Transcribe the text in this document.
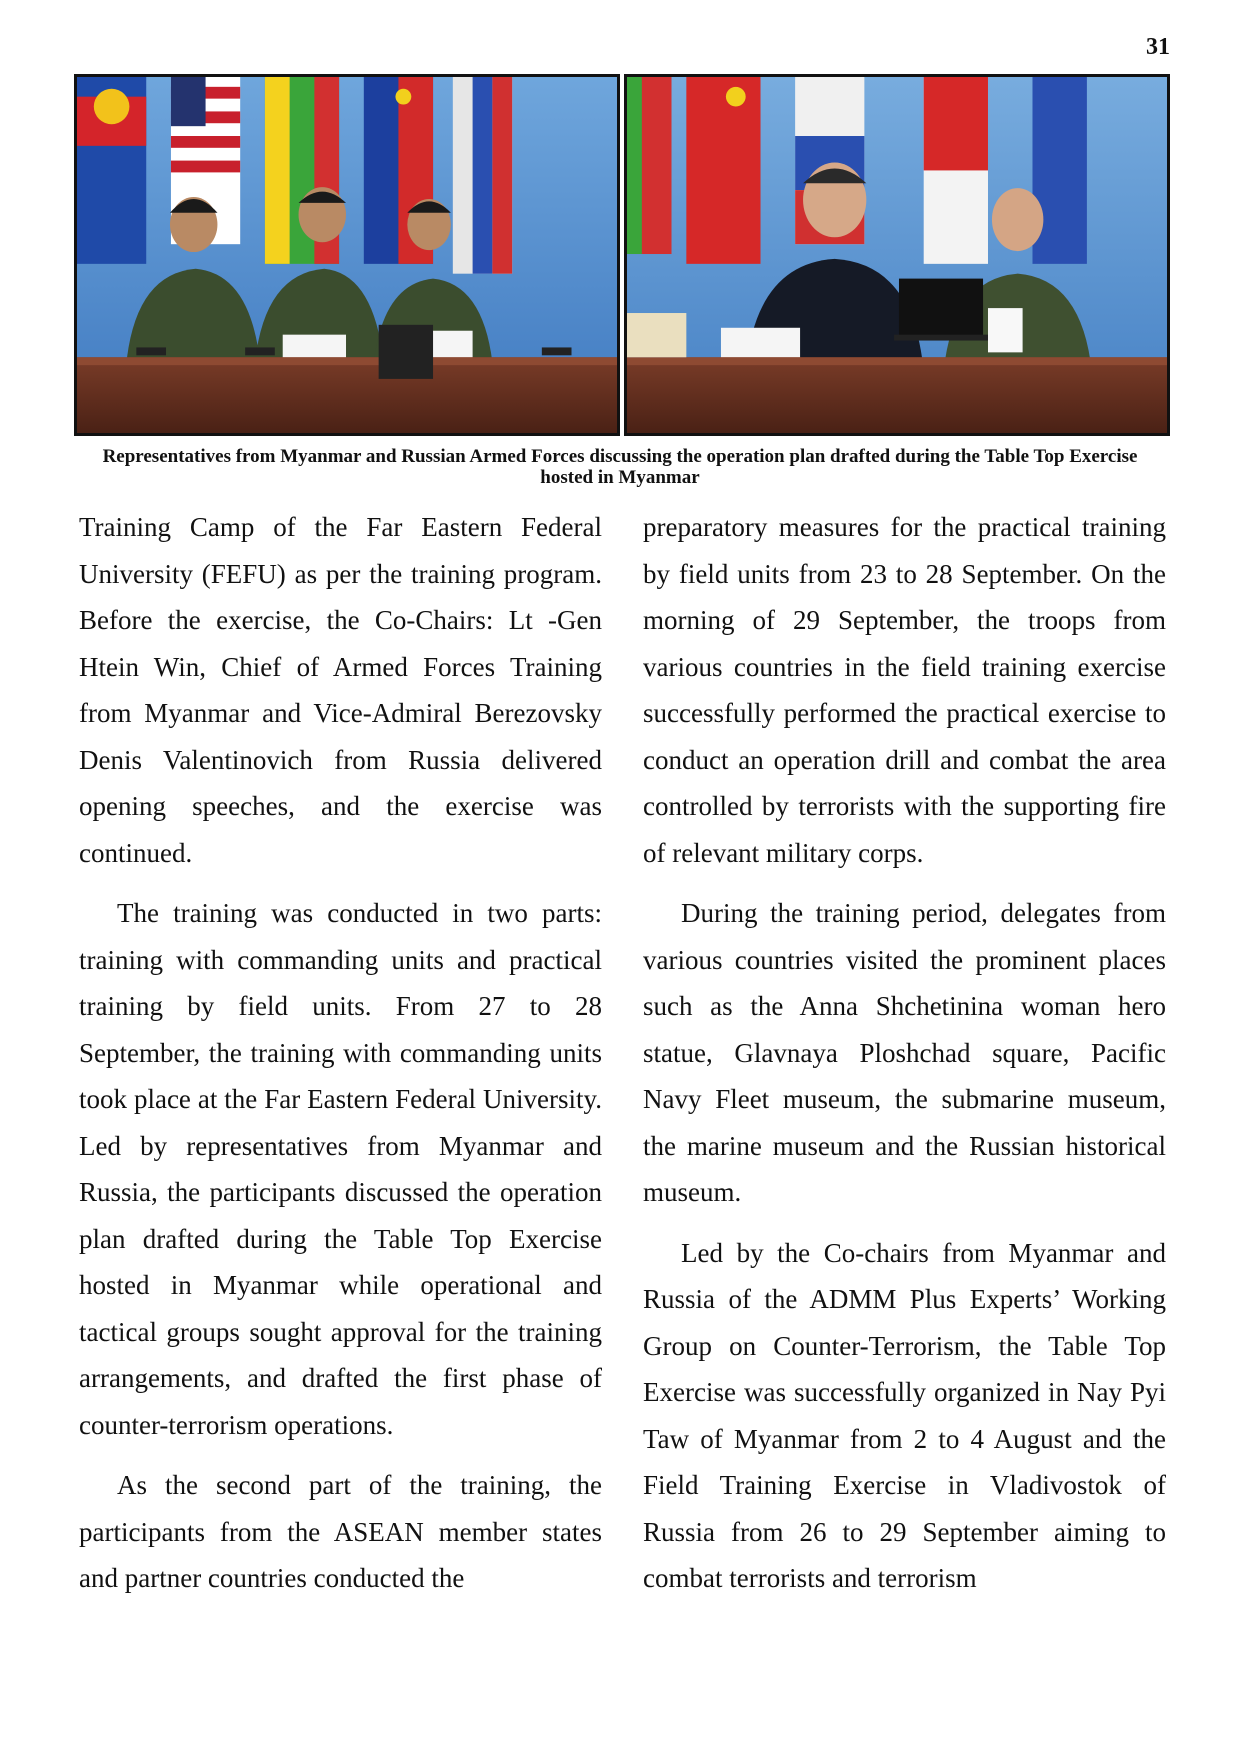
31
Representatives from Myanmar and Russian Armed Forces discussing the operation plan drafted during the Table Top Exercise hosted in Myanmar

Training Camp of the Far Eastern Federal University (FEFU) as per the training program. Before the exercise, the Co-Chairs: Lt -Gen Htein Win, Chief of Armed Forces Training from Myanmar and Vice-Admiral Berezovsky Denis Valentinovich from Russia delivered opening speeches, and the exercise was continued.

The training was conducted in two parts: training with commanding units and practical training by field units. From 27 to 28 September, the training with commanding units took place at the Far Eastern Federal University. Led by representatives from Myanmar and Russia, the participants discussed the operation plan drafted during the Table Top Exercise hosted in Myanmar while operational and tactical groups sought approval for the training arrangements, and drafted the first phase of counter-terrorism operations.

As the second part of the training, the participants from the ASEAN member states and partner countries conducted the

preparatory measures for the practical training by field units from 23 to 28 September. On the morning of 29 September, the troops from various countries in the field training exercise successfully performed the practical exercise to conduct an operation drill and combat the area controlled by terrorists with the supporting fire of relevant military corps.

During the training period, delegates from various countries visited the prominent places such as the Anna Shchetinina woman hero statue, Glavnaya Ploshchad square, Pacific Navy Fleet museum, the submarine museum, the marine museum and the Russian historical museum.

Led by the Co-chairs from Myanmar and Russia of the ADMM Plus Experts’ Working Group on Counter-Terrorism, the Table Top Exercise was successfully organized in Nay Pyi Taw of Myanmar from 2 to 4 August and the Field Training Exercise in Vladivostok of Russia from 26 to 29 September aiming to combat terrorists and terrorism
